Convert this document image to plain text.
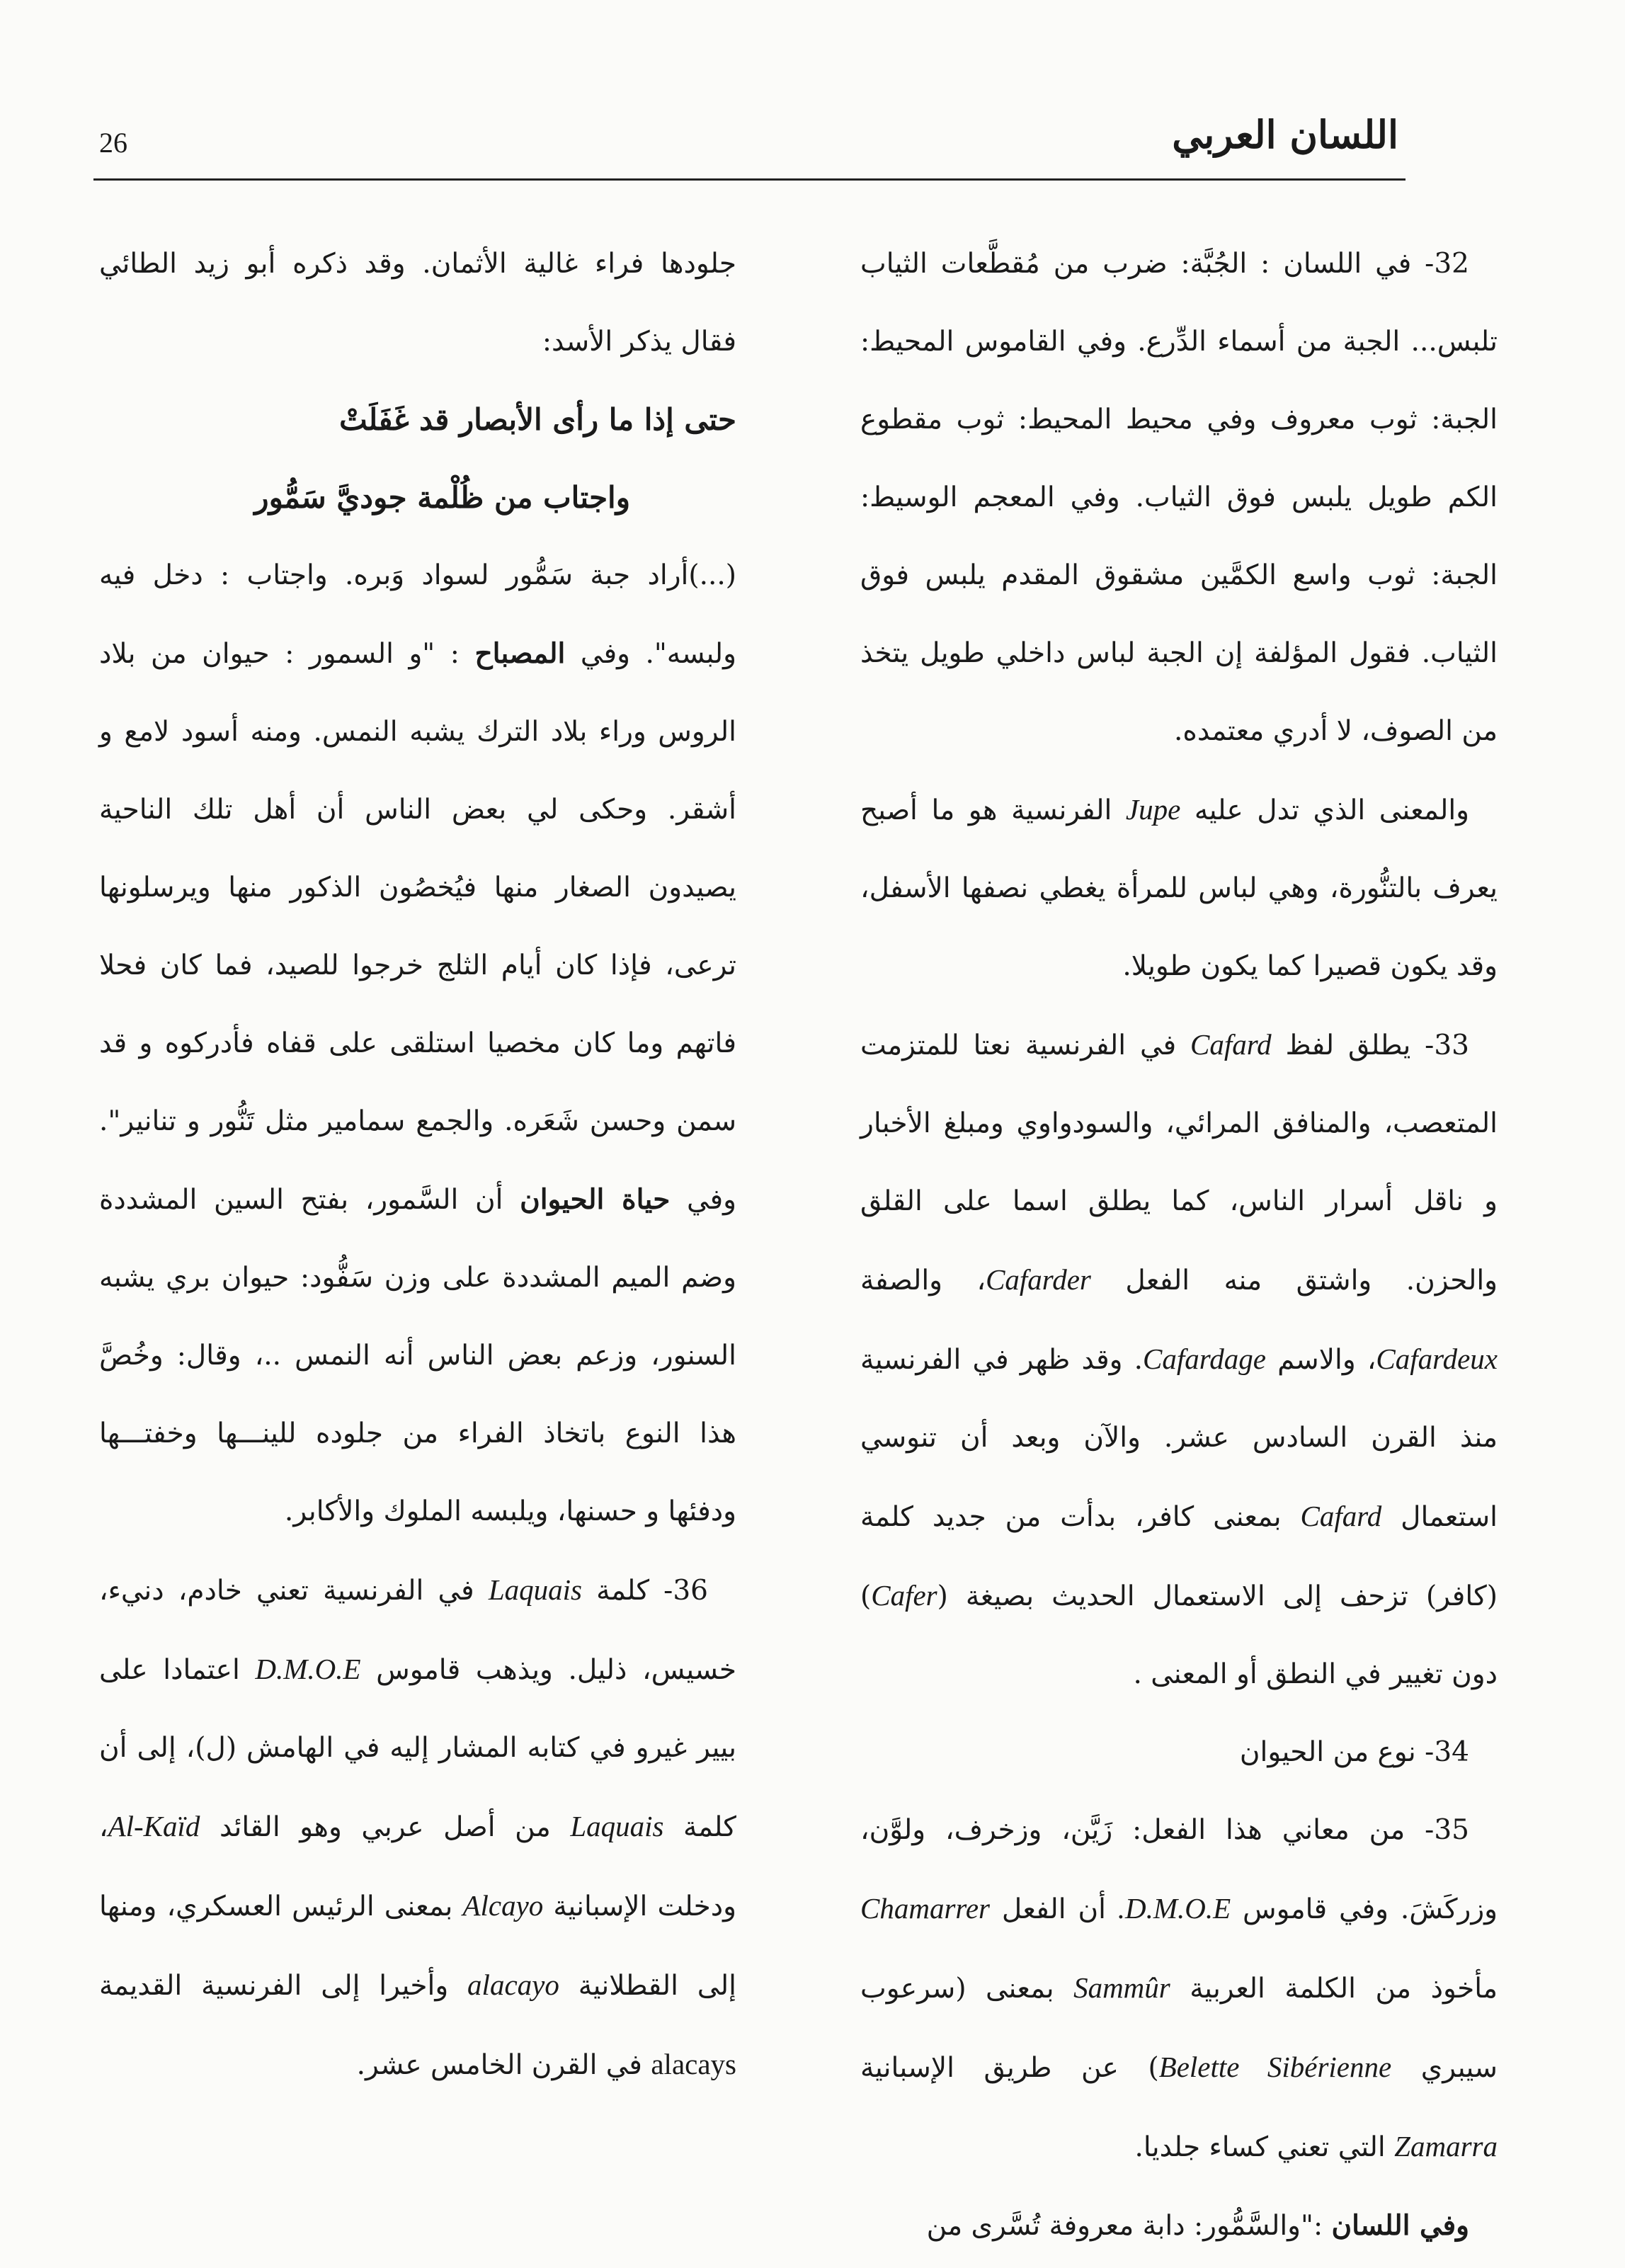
26	اللسان العربي

32- في اللسان : الجُبَّة: ضرب من مُقطَّعات الثياب تلبس... الجبة من أسماء الدِّرع. وفي القاموس المحيط: الجبة: ثوب معروف وفي محيط المحيط: ثوب مقطوع الكم طويل يلبس فوق الثياب. وفي المعجم الوسيط: الجبة: ثوب واسع الكمَّين مشقوق المقدم يلبس فوق الثياب. فقول المؤلفة إن الجبة لباس داخلي طويل يتخذ من الصوف، لا أدري معتمده.

والمعنى الذي تدل عليه Jupe الفرنسية هو ما أصبح يعرف بالتنُّورة، وهي لباس للمرأة يغطي نصفها الأسفل، وقد يكون قصيرا كما يكون طويلا.

33- يطلق لفظ Cafard في الفرنسية نعتا للمتزمت المتعصب، والمنافق المرائي، والسودواوي ومبلغ الأخبار و ناقل أسرار الناس، كما يطلق اسما على القلق والحزن. واشتق منه الفعل Cafarder، والصفة Cafardeux، والاسم Cafardage. وقد ظهر في الفرنسية منذ القرن السادس عشر. والآن وبعد أن تنوسي استعمال Cafard بمعنى كافر، بدأت من جديد كلمة (كافر) تزحف إلى الاستعمال الحديث بصيغة (Cafer) دون تغيير في النطق أو المعنى .

34- نوع من الحيوان

35- من معاني هذا الفعل: زَيَّن، وزخرف، ولوَّن، وزركَشَ. وفي قاموس D.M.O.E. أن الفعل Chamarrer مأخوذ من الكلمة العربية Sammûr بمعنى (سرعوب سيبري Belette Sibérienne) عن طريق الإسبانية Zamarra التي تعني كساء جلديا.

وفي اللسان :"والسَّمُّور: دابة معروفة تُسَّرى من

جلودها فراء غالية الأثمان. وقد ذكره أبو زيد الطائي فقال يذكر الأسد:

حتى إذا ما رأى الأبصار قد غَفَلَتْ

واجتاب من ظُلْمة جوديَّ سَمُّور

(...)أراد جبة سَمُّور لسواد وَبره. واجتاب : دخل فيه ولبسه". وفي المصباح : "و السمور : حيوان من بلاد الروس وراء بلاد الترك يشبه النمس. ومنه أسود لامع و أشقر. وحكى لي بعض الناس أن أهل تلك الناحية يصيدون الصغار منها فيُخصُون الذكور منها ويرسلونها ترعى، فإذا كان أيام الثلج خرجوا للصيد، فما كان فحلا فاتهم وما كان مخصيا استلقى على قفاه فأدركوه و قد سمن وحسن شَعَره. والجمع سمامير مثل تَنُّور و تنانير". وفي حياة الحيوان أن السَّمور، بفتح السين المشددة وضم الميم المشددة على وزن سَفُّود: حيوان بري يشبه السنور، وزعم بعض الناس أنه النمس ..، وقال: وخُصَّ هذا النوع باتخاذ الفراء من جلوده للينـــها وخفتـــها ودفئها و حسنها، ويلبسه الملوك والأكابر.

36- كلمة Laquais في الفرنسية تعني خادم، دنيء، خسيس، ذليل. ويذهب قاموس D.M.O.E اعتمادا على بيير غيرو في كتابه المشار إليه في الهامش (ل)، إلى أن كلمة Laquais من أصل عربي وهو القائد Al-Kaïd، ودخلت الإسبانية Alcayo بمعنى الرئيس العسكري، ومنها إلى القطلانية alacayo وأخيرا إلى الفرنسية القديمة alacays في القرن الخامس عشر.
